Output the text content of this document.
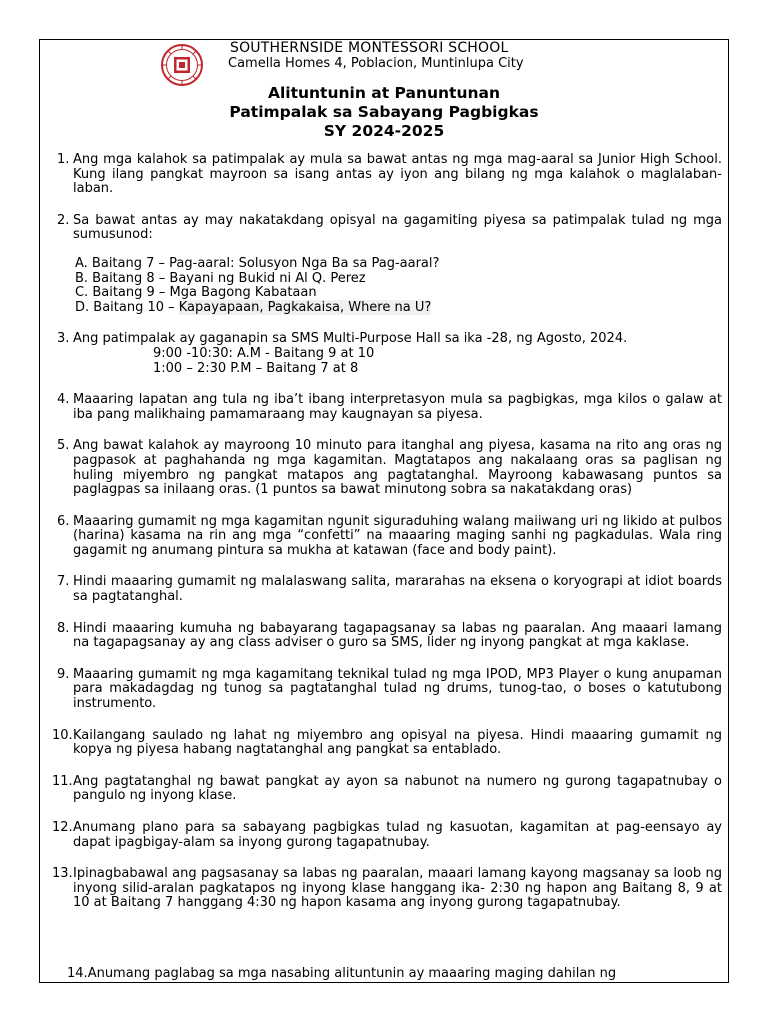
SOUTHERNSIDE MONTESSORI SCHOOL
Camella Homes 4, Poblacion, Muntinlupa City
Alituntunin at Panuntunan
Patimpalak sa Sabayang Pagbigkas
SY 2024-2025
1. Ang mga kalahok sa patimpalak ay mula sa bawat antas ng mga mag-aaral sa Junior High School. Kung ilang pangkat mayroon sa isang antas ay iyon ang bilang ng mga kalahok o maglalaban-laban.
2. Sa bawat antas ay may nakatakdang opisyal na gagamiting piyesa sa patimpalak tulad ng mga sumusunod:
A. Baitang 7 – Pag-aaral: Solusyon Nga Ba sa Pag-aaral?
B. Baitang 8 – Bayani ng Bukid ni Al Q. Perez
C. Baitang 9 – Mga Bagong Kabataan
D. Baitang 10 – Kapayapaan, Pagkakaisa, Where na U?
3. Ang patimpalak ay gaganapin sa SMS Multi-Purpose Hall sa ika -28, ng Agosto, 2024.
9:00 -10:30: A.M - Baitang 9 at 10
1:00 – 2:30 P.M – Baitang 7 at 8
4. Maaaring lapatan ang tula ng iba’t ibang interpretasyon mula sa pagbigkas, mga kilos o galaw at iba pang malikhaing pamamaraang may kaugnayan sa piyesa.
5. Ang bawat kalahok ay mayroong 10 minuto para itanghal ang piyesa, kasama na rito ang oras ng pagpasok at paghahanda ng mga kagamitan. Magtatapos ang nakalaang oras sa paglisan ng huling miyembro ng pangkat matapos ang pagtatanghal. Mayroong kabawasang puntos sa paglagpas sa inilaang oras. (1 puntos sa bawat minutong sobra sa nakatakdang oras)
6. Maaaring gumamit ng mga kagamitan ngunit siguraduhing walang maiiwang uri ng likido at pulbos (harina) kasama na rin ang mga “confetti” na maaaring maging sanhi ng pagkadulas. Wala ring gagamit ng anumang pintura sa mukha at katawan (face and body paint).
7. Hindi maaaring gumamit ng malalaswang salita, mararahas na eksena o koryograpi at idiot boards sa pagtatanghal.
8. Hindi maaaring kumuha ng babayarang tagapagsanay sa labas ng paaralan. Ang maaari lamang na tagapagsanay ay ang class adviser o guro sa SMS, lider ng inyong pangkat at mga kaklase.
9. Maaaring gumamit ng mga kagamitang teknikal tulad ng mga IPOD, MP3 Player o kung anupaman para makadagdag ng tunog sa pagtatanghal tulad ng drums, tunog-tao, o boses o katutubong instrumento.
10. Kailangang saulado ng lahat ng miyembro ang opisyal na piyesa. Hindi maaaring gumamit ng kopya ng piyesa habang nagtatanghal ang pangkat sa entablado.
11. Ang pagtatanghal ng bawat pangkat ay ayon sa nabunot na numero ng gurong tagapatnubay o pangulo ng inyong klase.
12. Anumang plano para sa sabayang pagbigkas tulad ng kasuotan, kagamitan at pag-eensayo ay dapat ipagbigay-alam sa inyong gurong tagapatnubay.
13. Ipinagbabawal ang pagsasanay sa labas ng paaralan, maaari lamang kayong magsanay sa loob ng inyong silid-aralan pagkatapos ng inyong klase hanggang ika- 2:30 ng hapon ang Baitang 8, 9 at 10 at Baitang 7 hanggang 4:30 ng hapon kasama ang inyong gurong tagapatnubay.
14.Anumang paglabag sa mga nasabing alituntunin ay maaaring maging dahilan ng
